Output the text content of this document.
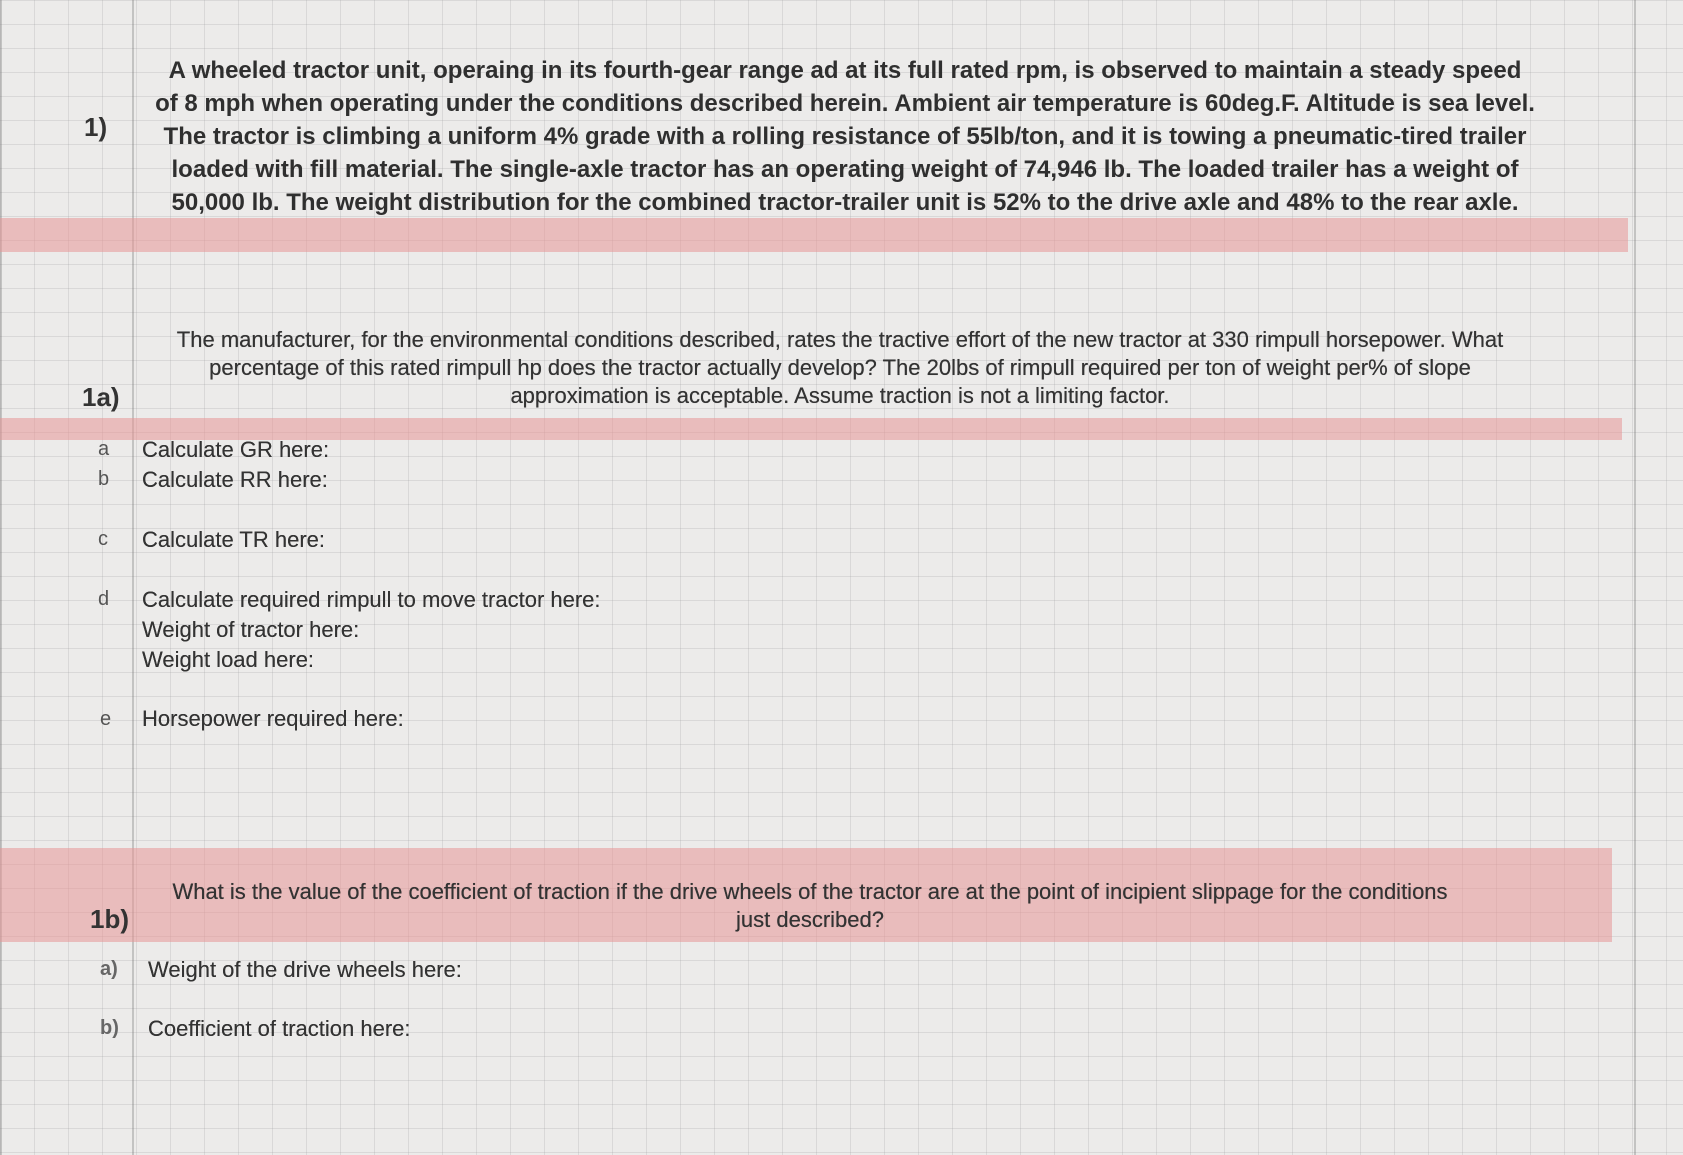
1)
A wheeled tractor unit, operaing in its fourth-gear range ad at its full rated rpm, is observed to maintain a steady speed
of 8 mph when operating under the conditions described herein. Ambient air temperature is 60deg.F. Altitude is sea level.
The tractor is climbing a uniform 4% grade with a rolling resistance of 55lb/ton, and it is towing a pneumatic-tired trailer
loaded with fill material. The single-axle tractor has an operating weight of 74,946 lb. The loaded trailer has a weight of
50,000 lb. The weight distribution for the combined tractor-trailer unit is 52% to the drive axle and 48% to the rear axle.
1a)
The manufacturer, for the environmental conditions described, rates the tractive effort of the new tractor at 330 rimpull horsepower. What
percentage of this rated rimpull hp does the tractor actually develop? The 20lbs of rimpull required per ton of weight per% of slope
approximation is acceptable. Assume traction is not a limiting factor.
a Calculate GR here:
b Calculate RR here:
c Calculate TR here:
d Calculate required rimpull to move tractor here:
Weight of tractor here:
Weight load here:
e Horsepower required here:
1b)
What is the value of the coefficient of traction if the drive wheels of the tractor are at the point of incipient slippage for the conditions
just described?
a) Weight of the drive wheels here:
b) Coefficient of traction here:
